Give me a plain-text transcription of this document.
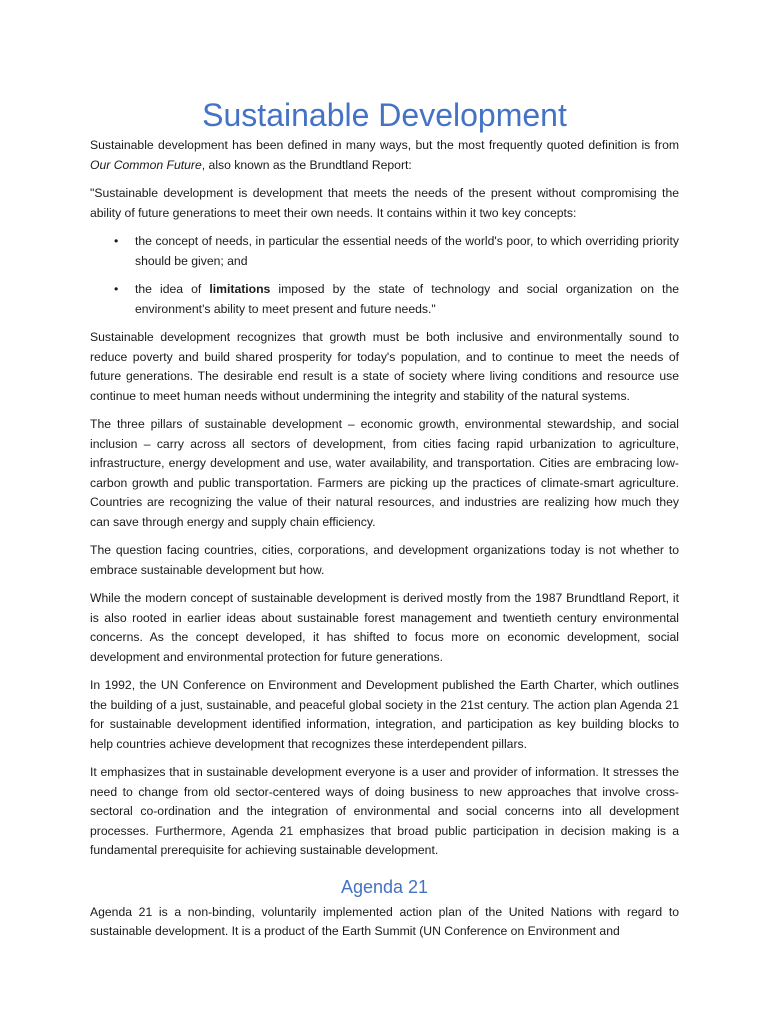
Sustainable Development

Sustainable development has been defined in many ways, but the most frequently quoted definition is from Our Common Future, also known as the Brundtland Report:

"Sustainable development is development that meets the needs of the present without compromising the ability of future generations to meet their own needs. It contains within it two key concepts:

•	the concept of needs, in particular the essential needs of the world's poor, to which overriding priority should be given; and
•	the idea of limitations imposed by the state of technology and social organization on the environment's ability to meet present and future needs."

Sustainable development recognizes that growth must be both inclusive and environmentally sound to reduce poverty and build shared prosperity for today's population, and to continue to meet the needs of future generations. The desirable end result is a state of society where living conditions and resource use continue to meet human needs without undermining the integrity and stability of the natural systems.

The three pillars of sustainable development – economic growth, environmental stewardship, and social inclusion – carry across all sectors of development, from cities facing rapid urbanization to agriculture, infrastructure, energy development and use, water availability, and transportation. Cities are embracing low-carbon growth and public transportation. Farmers are picking up the practices of climate-smart agriculture. Countries are recognizing the value of their natural resources, and industries are realizing how much they can save through energy and supply chain efficiency.

The question facing countries, cities, corporations, and development organizations today is not whether to embrace sustainable development but how.

While the modern concept of sustainable development is derived mostly from the 1987 Brundtland Report, it is also rooted in earlier ideas about sustainable forest management and twentieth century environmental concerns. As the concept developed, it has shifted to focus more on economic development, social development and environmental protection for future generations.

In 1992, the UN Conference on Environment and Development published the Earth Charter, which outlines the building of a just, sustainable, and peaceful global society in the 21st century. The action plan Agenda 21 for sustainable development identified information, integration, and participation as key building blocks to help countries achieve development that recognizes these interdependent pillars.

It emphasizes that in sustainable development everyone is a user and provider of information. It stresses the need to change from old sector-centered ways of doing business to new approaches that involve cross-sectoral co-ordination and the integration of environmental and social concerns into all development processes. Furthermore, Agenda 21 emphasizes that broad public participation in decision making is a fundamental prerequisite for achieving sustainable development.

Agenda 21

Agenda 21 is a non-binding, voluntarily implemented action plan of the United Nations with regard to sustainable development. It is a product of the Earth Summit (UN Conference on Environment and
